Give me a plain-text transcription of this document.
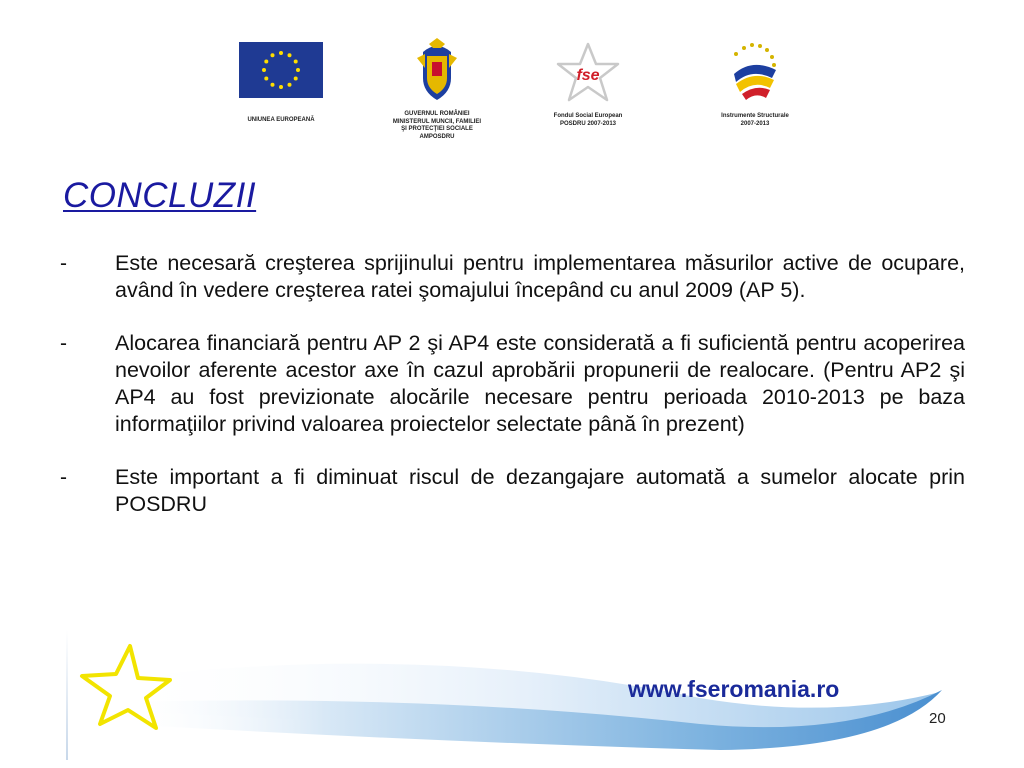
UNIUNEA EUROPEANĂ
GUVERNUL ROMÂNIEI
MINISTERUL MUNCII, FAMILIEI
ŞI PROTECŢIEI SOCIALE
AMPOSDRU
fse
Fondul Social European
POSDRU 2007-2013
Instrumente Structurale
2007-2013
CONCLUZII
- Este necesară creşterea sprijinului pentru implementarea măsurilor active de ocupare, având în vedere creşterea ratei şomajului începând cu anul 2009 (AP 5).
- Alocarea financiară pentru AP 2 şi AP4 este considerată a fi suficientă pentru acoperirea nevoilor aferente acestor axe în cazul aprobării propunerii de realocare. (Pentru AP2 şi AP4 au fost previzionate alocările necesare pentru perioada 2010-2013 pe baza informaţiilor privind valoarea proiectelor selectate până în prezent)
- Este important a fi diminuat riscul de dezangajare automată a sumelor alocate prin POSDRU
www.fseromania.ro
20
